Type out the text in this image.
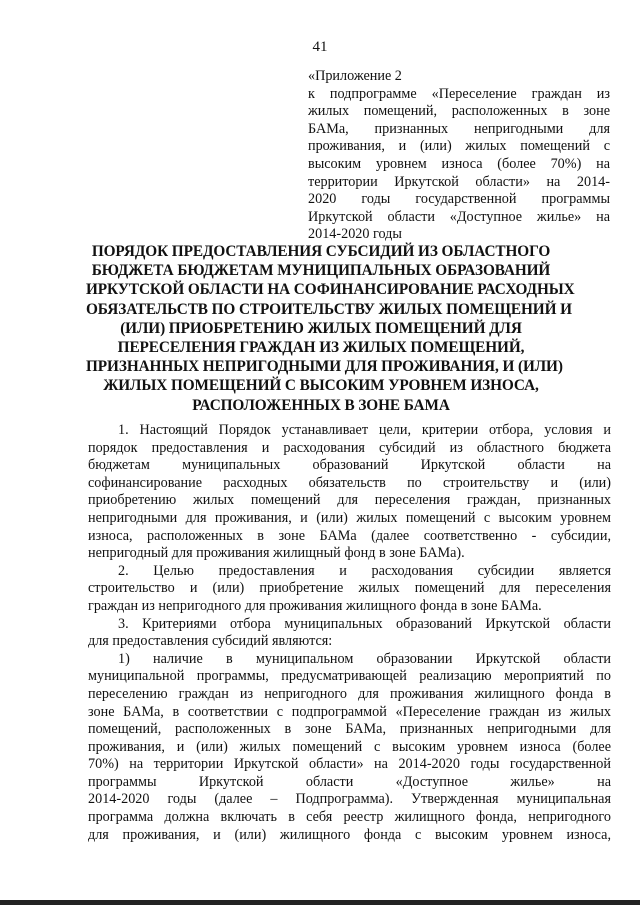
41
«Приложение 2
к подпрограмме «Переселение граждан из
жилых помещений, расположенных в зоне
БАМа, признанных непригодными для
проживания, и (или) жилых помещений с
высоким уровнем износа (более 70%) на
территории Иркутской области» на 2014-
2020 годы государственной программы
Иркутской области «Доступное жилье» на
2014-2020 годы
ПОРЯДОК ПРЕДОСТАВЛЕНИЯ СУБСИДИЙ ИЗ ОБЛАСТНОГО
БЮДЖЕТА БЮДЖЕТАМ МУНИЦИПАЛЬНЫХ ОБРАЗОВАНИЙ
ИРКУТСКОЙ ОБЛАСТИ НА СОФИНАНСИРОВАНИЕ РАСХОДНЫХ
ОБЯЗАТЕЛЬСТВ ПО СТРОИТЕЛЬСТВУ ЖИЛЫХ ПОМЕЩЕНИЙ И
(ИЛИ) ПРИОБРЕТЕНИЮ ЖИЛЫХ ПОМЕЩЕНИЙ ДЛЯ
ПЕРЕСЕЛЕНИЯ ГРАЖДАН ИЗ ЖИЛЫХ ПОМЕЩЕНИЙ,
ПРИЗНАННЫХ НЕПРИГОДНЫМИ ДЛЯ ПРОЖИВАНИЯ, И (ИЛИ)
ЖИЛЫХ ПОМЕЩЕНИЙ С ВЫСОКИМ УРОВНЕМ ИЗНОСА,
РАСПОЛОЖЕННЫХ В ЗОНЕ БАМА
1. Настоящий Порядок устанавливает цели, критерии отбора, условия и
порядок предоставления и расходования субсидий из областного бюджета
бюджетам муниципальных образований Иркутской области на
софинансирование расходных обязательств по строительству и (или)
приобретению жилых помещений для переселения граждан, признанных
непригодными для проживания, и (или) жилых помещений с высоким уровнем
износа, расположенных в зоне БАМа (далее соответственно - субсидии,
непригодный для проживания жилищный фонд в зоне БАМа).
2. Целью предоставления и расходования субсидии является
строительство и (или) приобретение жилых помещений для переселения
граждан из непригодного для проживания жилищного фонда в зоне БАМа.
3. Критериями отбора муниципальных образований Иркутской области
для предоставления субсидий являются:
1) наличие в муниципальном образовании Иркутской области
муниципальной программы, предусматривающей реализацию мероприятий по
переселению граждан из непригодного для проживания жилищного фонда в
зоне БАМа, в соответствии с подпрограммой «Переселение граждан из жилых
помещений, расположенных в зоне БАМа, признанных непригодными для
проживания, и (или) жилых помещений с высоким уровнем износа (более
70%) на территории Иркутской области» на 2014-2020 годы государственной
программы Иркутской области «Доступное жилье» на
2014-2020 годы (далее – Подпрограмма). Утвержденная муниципальная
программа должна включать в себя реестр жилищного фонда, непригодного
для проживания, и (или) жилищного фонда с высоким уровнем износа,
